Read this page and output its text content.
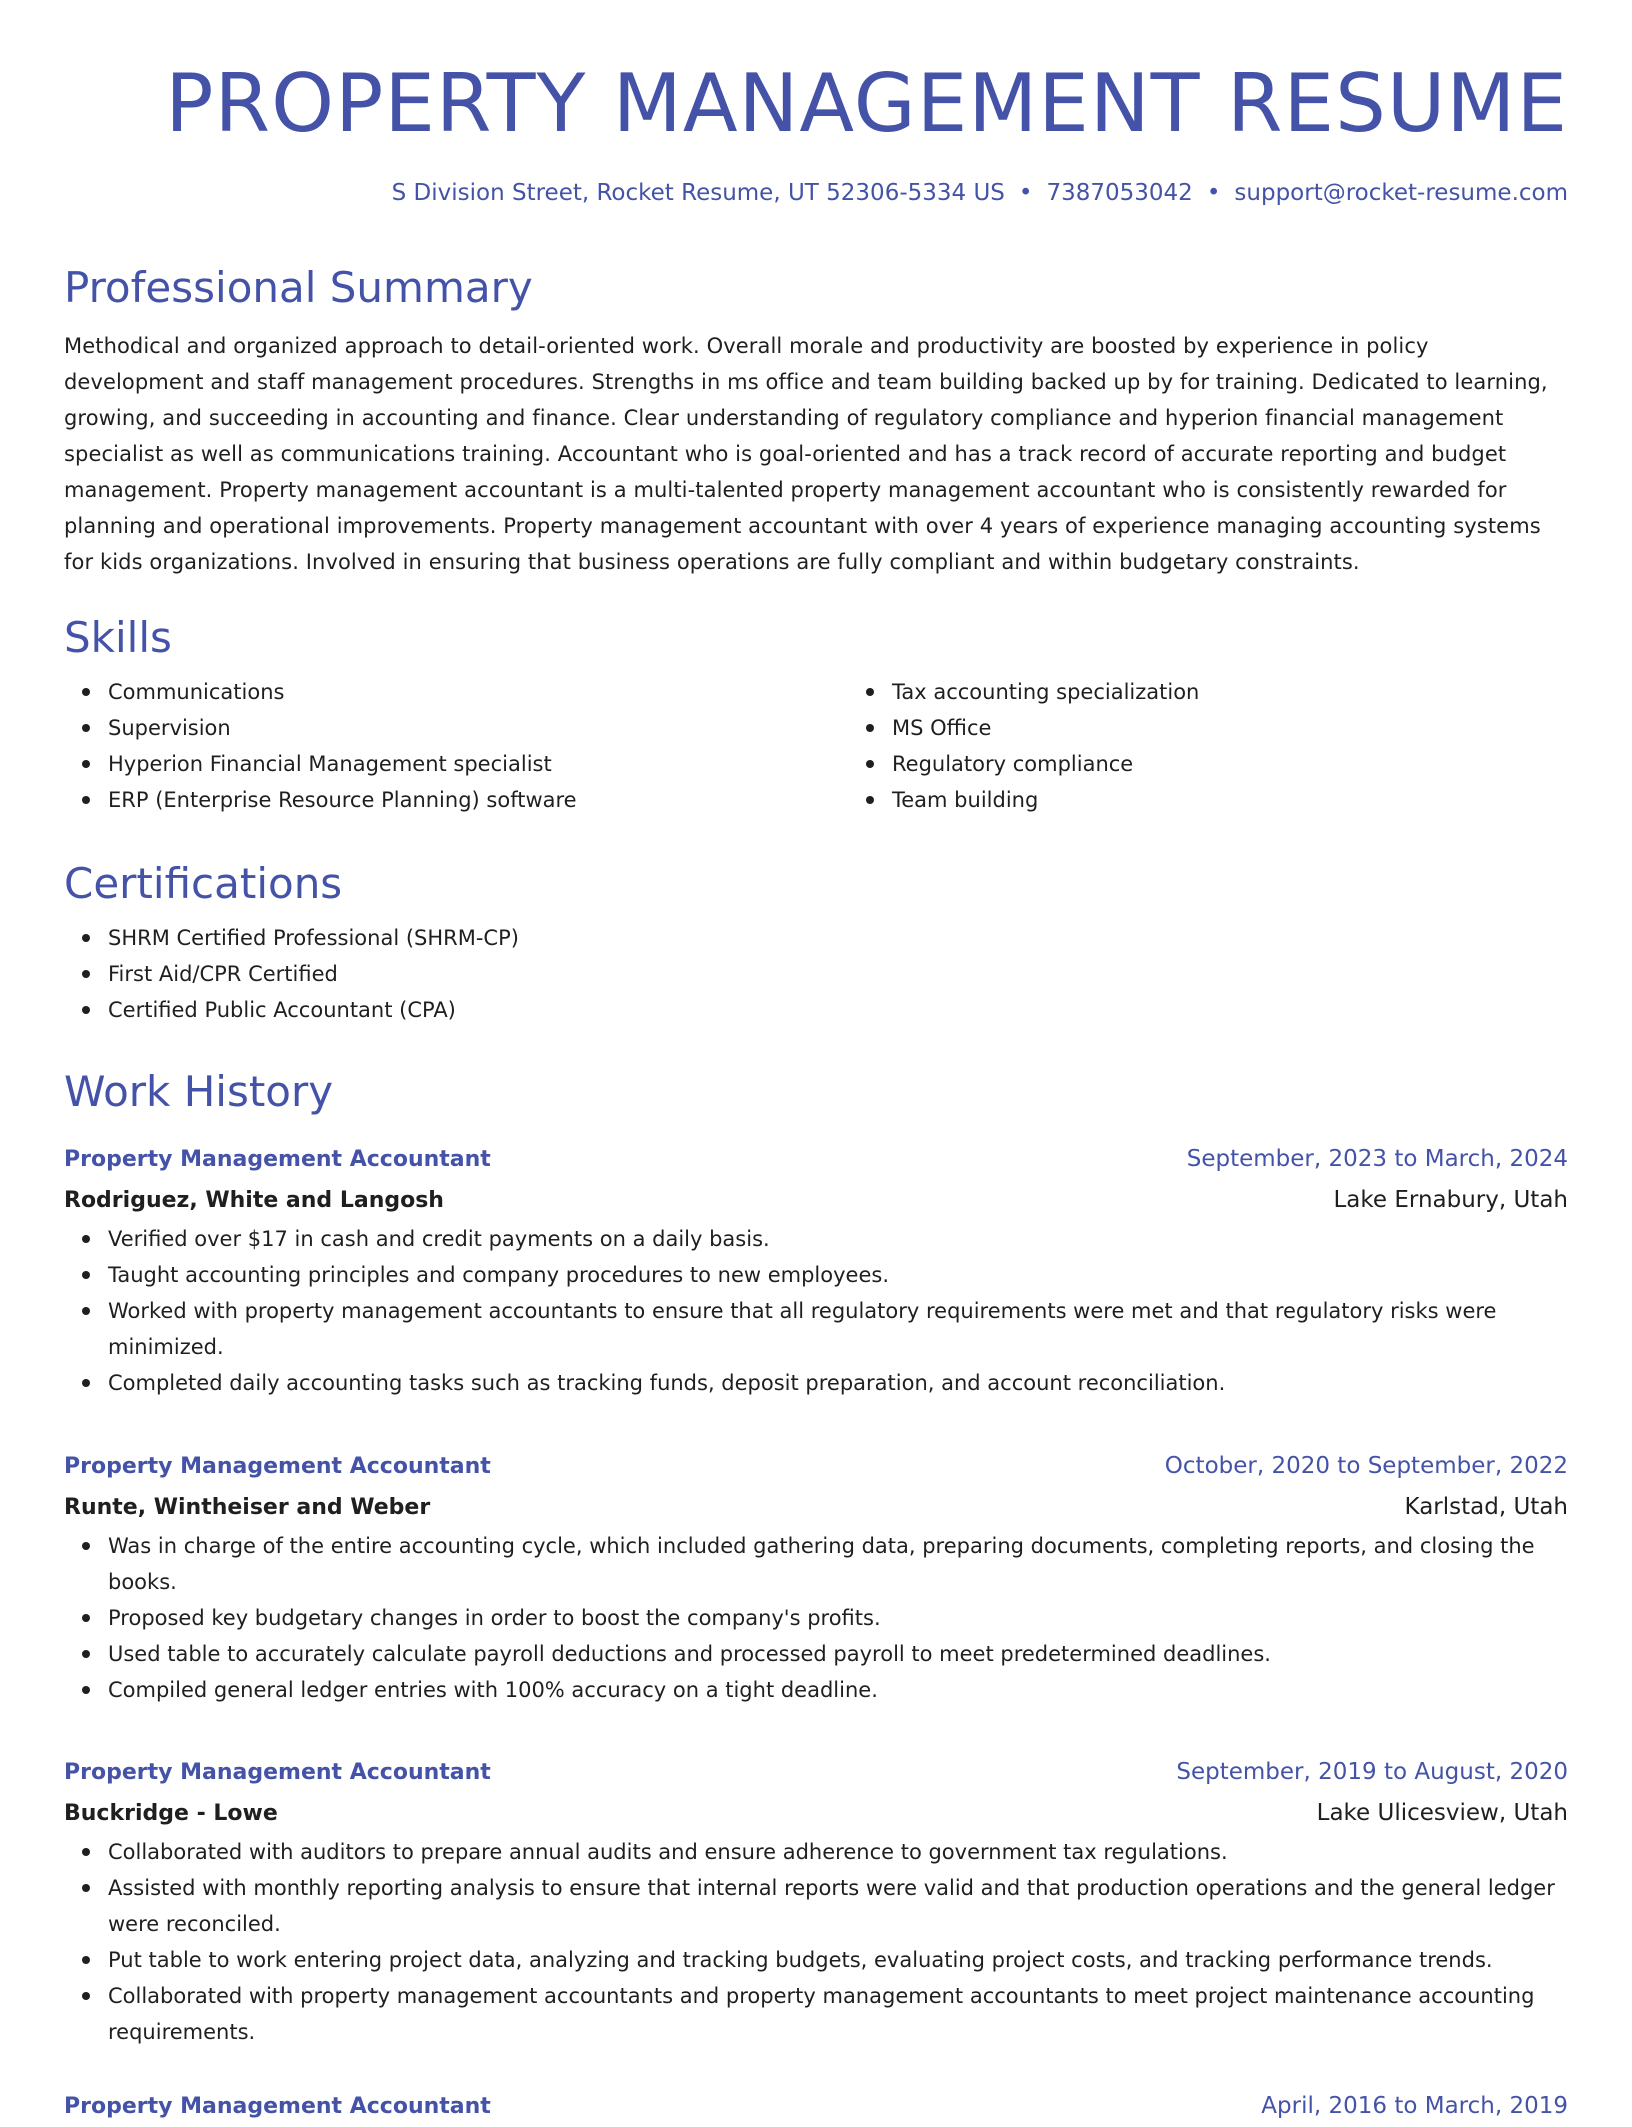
PROPERTY MANAGEMENT RESUME
S Division Street, Rocket Resume, UT 52306-5334 US • 7387053042 • support@rocket-resume.com
Professional Summary

Methodical and organized approach to detail-oriented work. Overall morale and productivity are boosted by experience in policy development and staff management procedures. Strengths in ms office and team building backed up by for training. Dedicated to learning, growing, and succeeding in accounting and finance. Clear understanding of regulatory compliance and hyperion financial management specialist as well as communications training. Accountant who is goal-oriented and has a track record of accurate reporting and budget management. Property management accountant is a multi-talented property management accountant who is consistently rewarded for planning and operational improvements. Property management accountant with over 4 years of experience managing accounting systems for kids organizations. Involved in ensuring that business operations are fully compliant and within budgetary constraints.

Skills
Communications
Supervision
Hyperion Financial Management specialist
ERP (Enterprise Resource Planning) software
Tax accounting specialization
MS Office
Regulatory compliance
Team building
Certifications
SHRM Certified Professional (SHRM-CP)
First Aid/CPR Certified
Certified Public Accountant (CPA)
Work History
Property Management Accountant	September, 2023 to March, 2024
Rodriguez, White and Langosh	Lake Ernabury, Utah
Verified over $17 in cash and credit payments on a daily basis.
Taught accounting principles and company procedures to new employees.
Worked with property management accountants to ensure that all regulatory requirements were met and that regulatory risks were minimized.
Completed daily accounting tasks such as tracking funds, deposit preparation, and account reconciliation.
Property Management Accountant	October, 2020 to September, 2022
Runte, Wintheiser and Weber	Karlstad, Utah
Was in charge of the entire accounting cycle, which included gathering data, preparing documents, completing reports, and closing the books.
Proposed key budgetary changes in order to boost the company's profits.
Used table to accurately calculate payroll deductions and processed payroll to meet predetermined deadlines.
Compiled general ledger entries with 100% accuracy on a tight deadline.
Property Management Accountant	September, 2019 to August, 2020
Buckridge - Lowe	Lake Ulicesview, Utah
Collaborated with auditors to prepare annual audits and ensure adherence to government tax regulations.
Assisted with monthly reporting analysis to ensure that internal reports were valid and that production operations and the general ledger were reconciled.
Put table to work entering project data, analyzing and tracking budgets, evaluating project costs, and tracking performance trends.
Collaborated with property management accountants and property management accountants to meet project maintenance accounting requirements.
Property Management Accountant	April, 2016 to March, 2019
